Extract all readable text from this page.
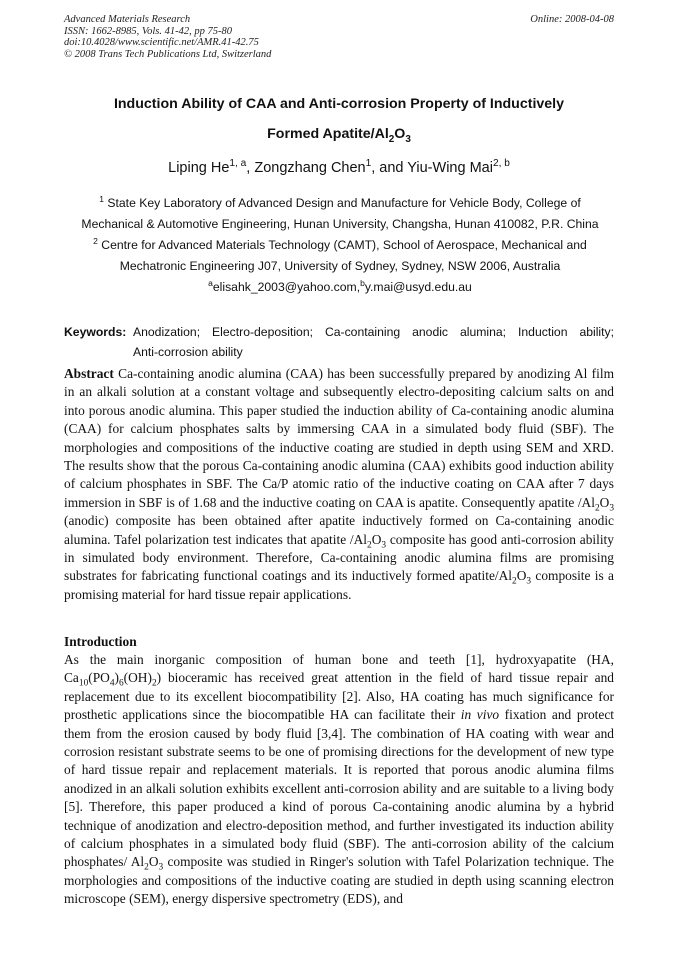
Advanced Materials Research
ISSN: 1662-8985, Vols. 41-42, pp 75-80
doi:10.4028/www.scientific.net/AMR.41-42.75
© 2008 Trans Tech Publications Ltd, Switzerland
Online: 2008-04-08
Induction Ability of CAA and Anti-corrosion Property of Inductively
Formed Apatite/$Al_2O_3$
Liping He$^{1, a}$, Zongzhang Chen$^1$, and Yiu-Wing Mai$^{2, b}$
$^1$ State Key Laboratory of Advanced Design and Manufacture for Vehicle Body, College of
Mechanical & Automotive Engineering, Hunan University, Changsha, Hunan 410082, P.R. China
$^2$ Centre for Advanced Materials Technology (CAMT), School of Aerospace, Mechanical and
Mechatronic Engineering J07, University of Sydney, Sydney, NSW 2006, Australia
$^a$elisahk_2003@yahoo.com,$^b$y.mai@usyd.edu.au
Keywords: Anodization; Electro-deposition; Ca-containing anodic alumina; Induction ability;
Anti-corrosion ability
Abstract Ca-containing anodic alumina (CAA) has been successfully prepared by anodizing Al film in an alkali solution at a constant voltage and subsequently electro-depositing calcium salts on and into porous anodic alumina. This paper studied the induction ability of Ca-containing anodic alumina (CAA) for calcium phosphates salts by immersing CAA in a simulated body fluid (SBF). The morphologies and compositions of the inductive coating are studied in depth using SEM and XRD. The results show that the porous Ca-containing anodic alumina (CAA) exhibits good induction ability of calcium phosphates in SBF. The Ca/P atomic ratio of the inductive coating on CAA after 7 days immersion in SBF is of 1.68 and the inductive coating on CAA is apatite. Consequently apatite $/Al_2O_3$ (anodic) composite has been obtained after apatite inductively formed on Ca-containing anodic alumina. Tafel polarization test indicates that apatite $/Al_2O_3$ composite has good anti-corrosion ability in simulated body environment. Therefore, Ca-containing anodic alumina films are promising substrates for fabricating functional coatings and its inductively formed apatite/$Al_2O_3$ composite is a promising material for hard tissue repair applications.
Introduction
As the main inorganic composition of human bone and teeth [1], hydroxyapatite (HA, $Ca_{10}(PO_4)_6(OH)_2$) bioceramic has received great attention in the field of hard tissue repair and replacement due to its excellent biocompatibility [2]. Also, HA coating has much significance for prosthetic applications since the biocompatible HA can facilitate their in vivo fixation and protect them from the erosion caused by body fluid [3,4]. The combination of HA coating with wear and corrosion resistant substrate seems to be one of promising directions for the development of new type of hard tissue repair and replacement materials. It is reported that porous anodic alumina films anodized in an alkali solution exhibits excellent anti-corrosion ability and are suitable to a living body [5]. Therefore, this paper produced a kind of porous Ca-containing anodic alumina by a hybrid technique of anodization and electro-deposition method, and further investigated its induction ability of calcium phosphates in a simulated body fluid (SBF). The anti-corrosion ability of the calcium phosphates/ $Al_2O_3$ composite was studied in Ringer's solution with Tafel Polarization technique. The morphologies and compositions of the inductive coating are studied in depth using scanning electron microscope (SEM), energy dispersive spectrometry (EDS), and
